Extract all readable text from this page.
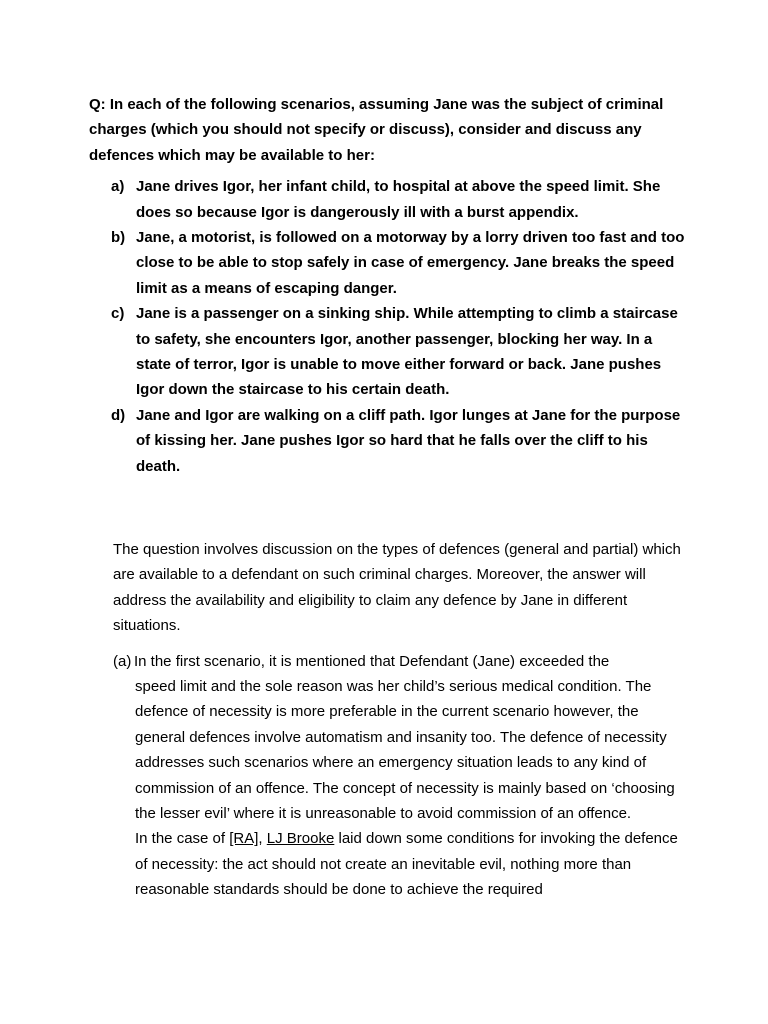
Q: In each of the following scenarios, assuming Jane was the subject of criminal charges (which you should not specify or discuss), consider and discuss any defences which may be available to her:

a) Jane drives Igor, her infant child, to hospital at above the speed limit. She does so because Igor is dangerously ill with a burst appendix.
b) Jane, a motorist, is followed on a motorway by a lorry driven too fast and too close to be able to stop safely in case of emergency. Jane breaks the speed limit as a means of escaping danger.
c) Jane is a passenger on a sinking ship. While attempting to climb a staircase to safety, she encounters Igor, another passenger, blocking her way. In a state of terror, Igor is unable to move either forward or back. Jane pushes Igor down the staircase to his certain death.
d) Jane and Igor are walking on a cliff path. Igor lunges at Jane for the purpose of kissing her. Jane pushes Igor so hard that he falls over the cliff to his death.

The question involves discussion on the types of defences (general and partial) which are available to a defendant on such criminal charges. Moreover, the answer will address the availability and eligibility to claim any defence by Jane in different situations.

(a) In the first scenario, it is mentioned that Defendant (Jane) exceeded the

speed limit and the sole reason was her child’s serious medical condition. The defence of necessity is more preferable in the current scenario however, the general defences involve automatism and insanity too. The defence of necessity addresses such scenarios where an emergency situation leads to any kind of commission of an offence. The concept of necessity is mainly based on ‘choosing the lesser evil’ where it is unreasonable to avoid commission of an offence.

In the case of [RA], LJ Brooke laid down some conditions for invoking the defence of necessity: the act should not create an inevitable evil, nothing more than reasonable standards should be done to achieve the required
